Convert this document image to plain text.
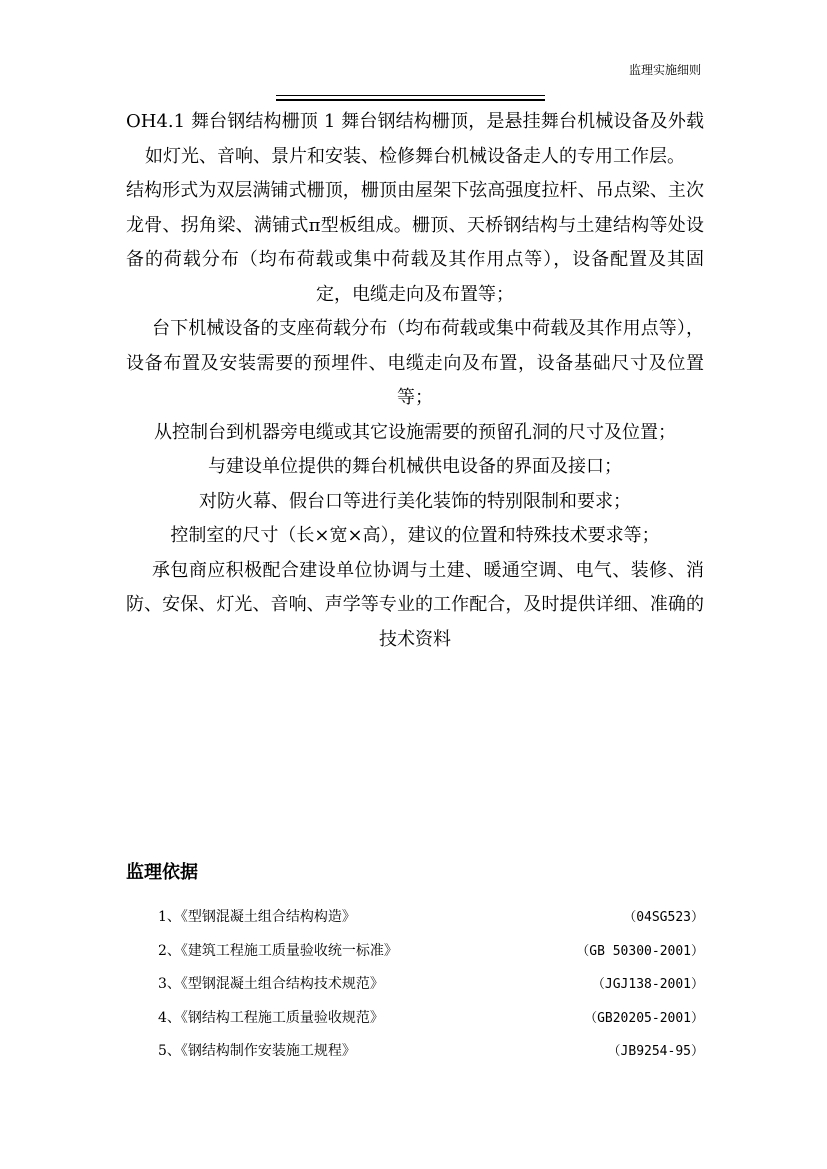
监理实施细则

OH4.1 舞台钢结构栅顶 1 舞台钢结构栅顶，是悬挂舞台机械设备及外载如灯光、音响、景片和安装、检修舞台机械设备走人的专用工作层。

结构形式为双层满铺式栅顶，栅顶由屋架下弦高强度拉杆、吊点梁、主次龙骨、拐角梁、满铺式π型板组成。栅顶、天桥钢结构与土建结构等处设备的荷载分布（均布荷载或集中荷载及其作用点等），设备配置及其固定，电缆走向及布置等；

台下机械设备的支座荷载分布（均布荷载或集中荷载及其作用点等），设备布置及安装需要的预埋件、电缆走向及布置，设备基础尺寸及位置等；

从控制台到机器旁电缆或其它设施需要的预留孔洞的尺寸及位置；

与建设单位提供的舞台机械供电设备的界面及接口；

对防火幕、假台口等进行美化装饰的特别限制和要求；

控制室的尺寸（长×宽×高），建议的位置和特殊技术要求等；

承包商应积极配合建设单位协调与土建、暖通空调、电气、装修、消防、安保、灯光、音响、声学等专业的工作配合，及时提供详细、准确的技术资料

监理依据
1、《型钢混凝土组合结构构造》	（04SG523）
2、《建筑工程施工质量验收统一标准》	（GB 50300-2001）
3、《型钢混凝土组合结构技术规范》	（JGJ138-2001）
4、《钢结构工程施工质量验收规范》	（GB20205-2001）
5、《钢结构制作安装施工规程》	（JB9254-95）
